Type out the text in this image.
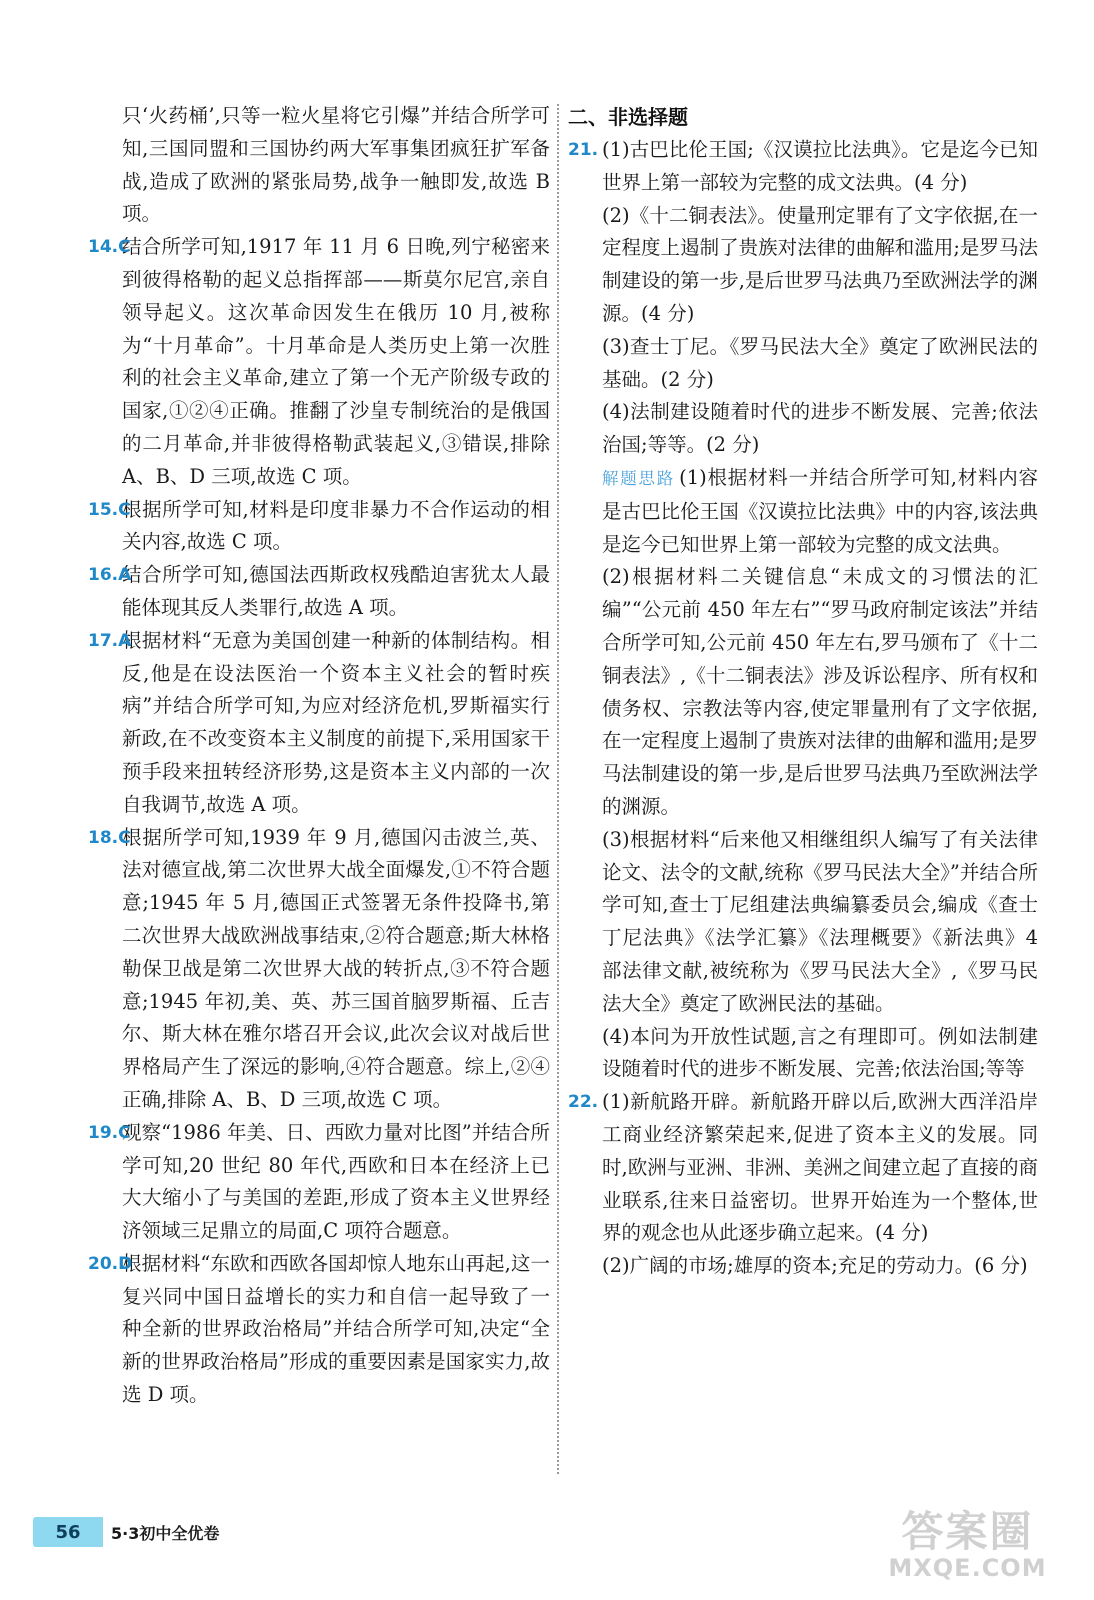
只‘火药桶’,只等一粒火星将它引爆”并结合所学可知,三国同盟和三国协约两大军事集团疯狂扩军备战,造成了欧洲的紧张局势,战争一触即发,故选 B 项。

14.C
结合所学可知,1917 年 11 月 6 日晚,列宁秘密来到彼得格勒的起义总指挥部——斯莫尔尼宫,亲自领导起义。这次革命因发生在俄历 10 月,被称为“十月革命”。十月革命是人类历史上第一次胜利的社会主义革命,建立了第一个无产阶级专政的国家,①②④正确。推翻了沙皇专制统治的是俄国的二月革命,并非彼得格勒武装起义,③错误,排除 A、B、D 三项,故选 C 项。

15.C
根据所学可知,材料是印度非暴力不合作运动的相关内容,故选 C 项。

16.A
结合所学可知,德国法西斯政权残酷迫害犹太人最能体现其反人类罪行,故选 A 项。

17.A
根据材料“无意为美国创建一种新的体制结构。相反,他是在设法医治一个资本主义社会的暂时疾病”并结合所学可知,为应对经济危机,罗斯福实行新政,在不改变资本主义制度的前提下,采用国家干预手段来扭转经济形势,这是资本主义内部的一次自我调节,故选 A 项。

18.C
根据所学可知,1939 年 9 月,德国闪击波兰,英、法对德宣战,第二次世界大战全面爆发,①不符合题意;1945 年 5 月,德国正式签署无条件投降书,第二次世界大战欧洲战事结束,②符合题意;斯大林格勒保卫战是第二次世界大战的转折点,③不符合题意;1945 年初,美、英、苏三国首脑罗斯福、丘吉尔、斯大林在雅尔塔召开会议,此次会议对战后世界格局产生了深远的影响,④符合题意。综上,②④正确,排除 A、B、D 三项,故选 C 项。

19.C
观察“1986 年美、日、西欧力量对比图”并结合所学可知,20 世纪 80 年代,西欧和日本在经济上已大大缩小了与美国的差距,形成了资本主义世界经济领域三足鼎立的局面,C 项符合题意。

20.D
根据材料“东欧和西欧各国却惊人地东山再起,这一复兴同中国日益增长的实力和自信一起导致了一种全新的世界政治格局”并结合所学可知,决定“全新的世界政治格局”形成的重要因素是国家实力,故选 D 项。

二、非选择题

21. (1)古巴比伦王国;《汉谟拉比法典》。它是迄今已知世界上第一部较为完整的成文法典。(4 分)

(2)《十二铜表法》。使量刑定罪有了文字依据,在一定程度上遏制了贵族对法律的曲解和滥用;是罗马法制建设的第一步,是后世罗马法典乃至欧洲法学的渊源。(4 分)

(3)查士丁尼。《罗马民法大全》奠定了欧洲民法的基础。(2 分)

(4)法制建设随着时代的进步不断发展、完善;依法治国;等等。(2 分)

解题思路 (1)根据材料一并结合所学可知,材料内容是古巴比伦王国《汉谟拉比法典》中的内容,该法典是迄今已知世界上第一部较为完整的成文法典。

(2)根据材料二关键信息“未成文的习惯法的汇编”“公元前 450 年左右”“罗马政府制定该法”并结合所学可知,公元前 450 年左右,罗马颁布了《十二铜表法》,《十二铜表法》涉及诉讼程序、所有权和债务权、宗教法等内容,使定罪量刑有了文字依据,在一定程度上遏制了贵族对法律的曲解和滥用;是罗马法制建设的第一步,是后世罗马法典乃至欧洲法学的渊源。

(3)根据材料“后来他又相继组织人编写了有关法律论文、法令的文献,统称《罗马民法大全》”并结合所学可知,查士丁尼组建法典编纂委员会,编成《查士丁尼法典》《法学汇纂》《法理概要》《新法典》4 部法律文献,被统称为《罗马民法大全》,《罗马民法大全》奠定了欧洲民法的基础。

(4)本问为开放性试题,言之有理即可。例如法制建设随着时代的进步不断发展、完善;依法治国;等等

22. (1)新航路开辟。新航路开辟以后,欧洲大西洋沿岸工商业经济繁荣起来,促进了资本主义的发展。同时,欧洲与亚洲、非洲、美洲之间建立起了直接的商业联系,往来日益密切。世界开始连为一个整体,世界的观念也从此逐步确立起来。(4 分)

(2)广阔的市场;雄厚的资本;充足的劳动力。(6 分)

56	5·3初中全优卷	答案圈
MXQE.COM
